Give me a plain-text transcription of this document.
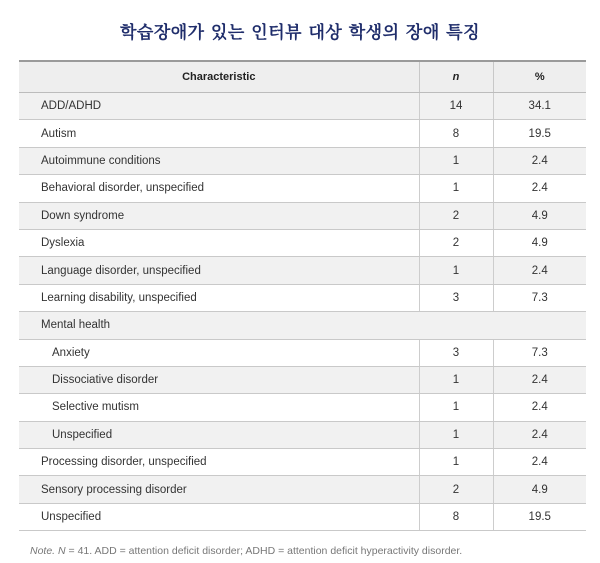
학습장애가 있는 인터뷰 대상 학생의 장애 특징
Characteristic	n	%
ADD/ADHD	14	34.1
Autism	8	19.5
Autoimmune conditions	1	2.4
Behavioral disorder, unspecified	1	2.4
Down syndrome	2	4.9
Dyslexia	2	4.9
Language disorder, unspecified	1	2.4
Learning disability, unspecified	3	7.3
Mental health		
Anxiety	3	7.3
Dissociative disorder	1	2.4
Selective mutism	1	2.4
Unspecified	1	2.4
Processing disorder, unspecified	1	2.4
Sensory processing disorder	2	4.9
Unspecified	8	19.5
Note. N = 41. ADD = attention deficit disorder; ADHD = attention deficit hyperactivity disorder.		
